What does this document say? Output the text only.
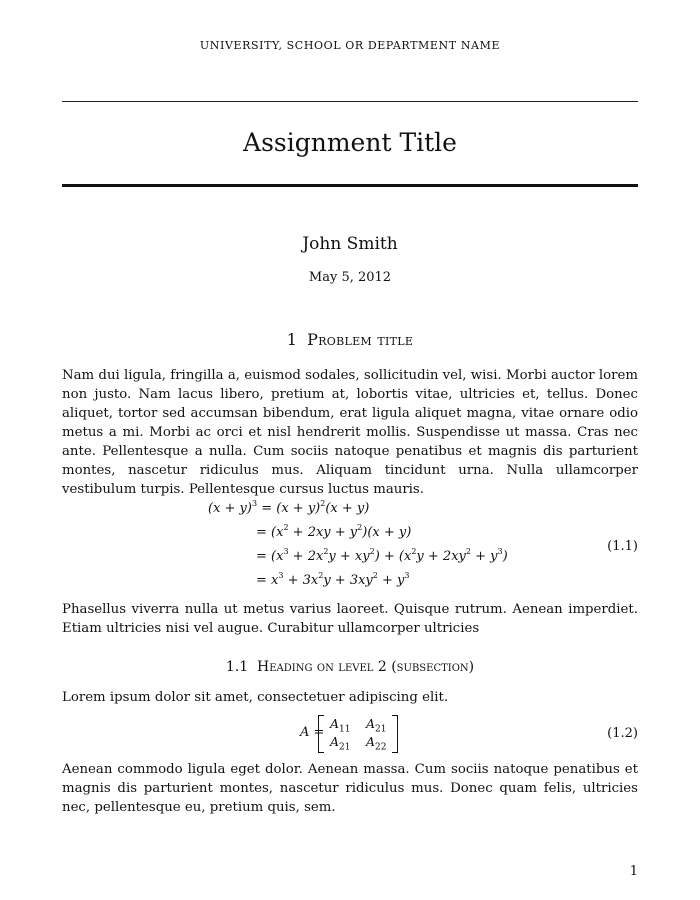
UNIVERSITY, SCHOOL OR DEPARTMENT NAME
Assignment Title
John Smith
May 5, 2012
1 Problem title
Nam dui ligula, fringilla a, euismod sodales, sollicitudin vel, wisi. Morbi auctor lorem non justo. Nam lacus libero, pretium at, lobortis vitae, ultricies et, tellus. Donec aliquet, tortor sed accumsan bibendum, erat ligula aliquet magna, vitae ornare odio metus a mi. Morbi ac orci et nisl hendrerit mollis. Suspendisse ut massa. Cras nec ante. Pellentesque a nulla. Cum sociis natoque penatibus et magnis dis parturient montes, nascetur ridiculus mus. Aliquam tincidunt urna. Nulla ullamcorper vestibulum turpis. Pellentesque cursus luctus mauris.
$(x + y)^3 = (x + y)^2(x + y)$
= $(x^2 + 2xy + y^2)(x + y)$
= $(x^3 + 2x^2y + xy^2) + (x^2y + 2xy^2 + y^3)$
= $x^3 + 3x^2y + 3xy^2 + y^3$
(1.1)
Phasellus viverra nulla ut metus varius laoreet. Quisque rutrum. Aenean imperdiet. Etiam ultricies nisi vel augue. Curabitur ullamcorper ultricies
1.1 Heading on level 2 (subsection)
Lorem ipsum dolor sit amet, consectetuer adipiscing elit.
A =
$A_{11}$ $A_{21}$
$A_{21}$ $A_{22}$
(1.2)
Aenean commodo ligula eget dolor. Aenean massa. Cum sociis natoque penatibus et magnis dis parturient montes, nascetur ridiculus mus. Donec quam felis, ultricies nec, pellentesque eu, pretium quis, sem.
1
